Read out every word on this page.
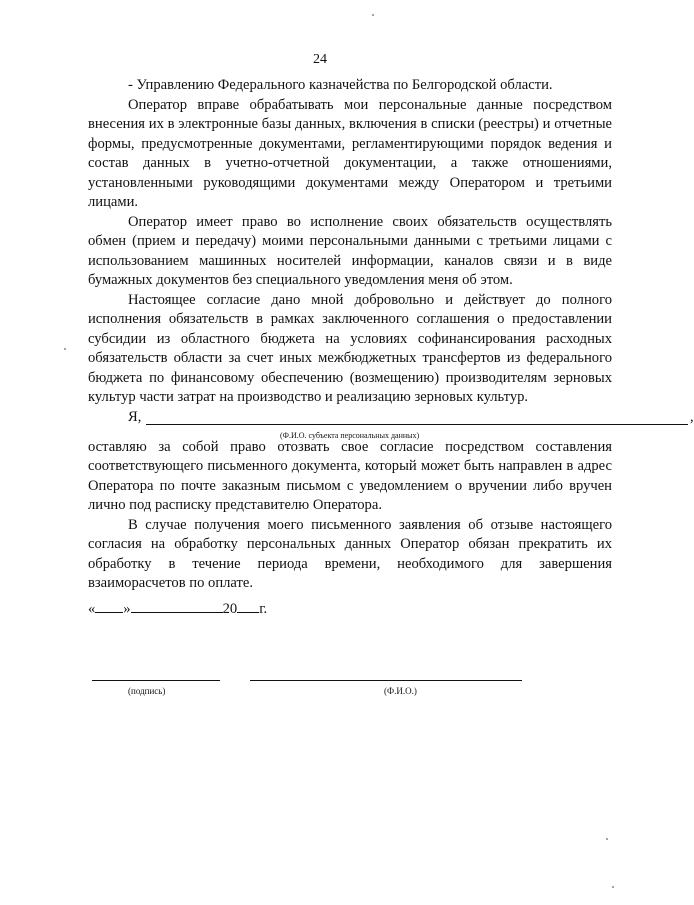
24

- Управлению Федерального казначейства по Белгородской области.

Оператор вправе обрабатывать мои персональные данные посредством внесения их в электронные базы данных, включения в списки (реестры) и отчетные формы, предусмотренные документами, регламентирующими порядок ведения и состав данных в учетно-отчетной документации, а также отношениями, установленными руководящими документами между Оператором и третьими лицами.

Оператор имеет право во исполнение своих обязательств осуществлять обмен (прием и передачу) моими персональными данными с третьими лицами с использованием машинных носителей информации, каналов связи и в виде бумажных документов без специального уведомления меня об этом.

Настоящее согласие дано мной добровольно и действует до полного исполнения обязательств в рамках заключенного соглашения о предоставлении субсидии из областного бюджета на условиях софинансирования расходных обязательств области за счет иных межбюджетных трансфертов из федерального бюджета по финансовому обеспечению (возмещению) производителям зерновых культур части затрат на производство и реализацию зерновых культур.

Я,	,
(Ф.И.О. субъекта персональных данных)

оставляю за собой право отозвать свое согласие посредством составления соответствующего письменного документа, который может быть направлен в адрес Оператора по почте заказным письмом с уведомлением о вручении либо вручен лично под расписку представителю Оператора.

В случае получения моего письменного заявления об отзыве настоящего согласия на обработку персональных данных Оператор обязан прекратить их обработку в течение периода времени, необходимого для завершения взаиморасчетов по оплате.

« »	20 г.
(подпись)	(Ф.И.О.)
